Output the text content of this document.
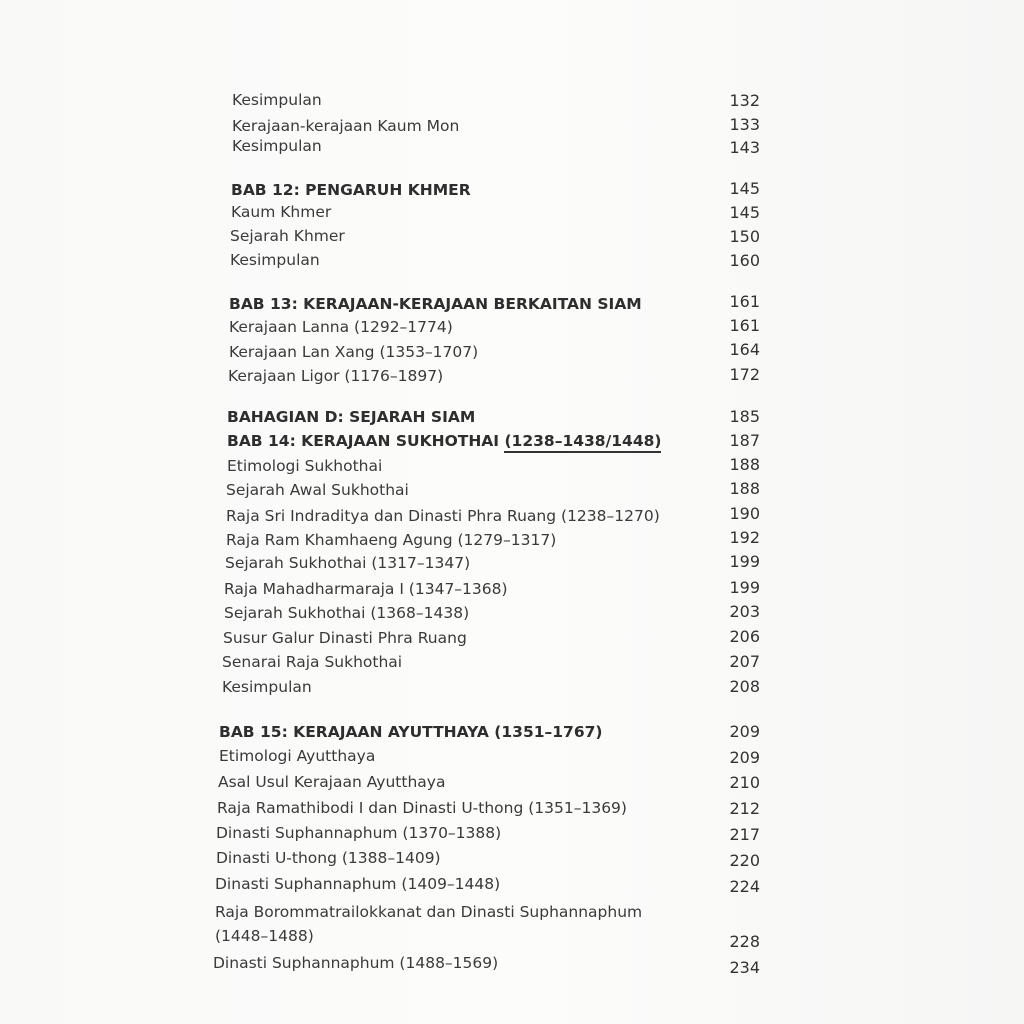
Kesimpulan	132
Kerajaan-kerajaan Kaum Mon	133
Kesimpulan	143
BAB 12: PENGARUH KHMER	145
Kaum Khmer	145
Sejarah Khmer	150
Kesimpulan	160
BAB 13: KERAJAAN-KERAJAAN BERKAITAN SIAM	161
Kerajaan Lanna (1292–1774)	161
Kerajaan Lan Xang (1353–1707)	164
Kerajaan Ligor (1176–1897)	172
BAHAGIAN D: SEJARAH SIAM	185
BAB 14: KERAJAAN SUKHOTHAI (1238–1438/1448)	187
Etimologi Sukhothai	188
Sejarah Awal Sukhothai	188
Raja Sri Indraditya dan Dinasti Phra Ruang (1238–1270)	190
Raja Ram Khamhaeng Agung (1279–1317)	192
Sejarah Sukhothai (1317–1347)	199
Raja Mahadharmaraja I (1347–1368)	199
Sejarah Sukhothai (1368–1438)	203
Susur Galur Dinasti Phra Ruang	206
Senarai Raja Sukhothai	207
Kesimpulan	208
BAB 15: KERAJAAN AYUTTHAYA (1351–1767)	209
Etimologi Ayutthaya	209
Asal Usul Kerajaan Ayutthaya	210
Raja Ramathibodi I dan Dinasti U-thong (1351–1369)	212
Dinasti Suphannaphum (1370–1388)	217
Dinasti U-thong (1388–1409)	220
Dinasti Suphannaphum (1409–1448)	224
Raja Borommatrailokkanat dan Dinasti Suphannaphum
(1448–1488)	228
Dinasti Suphannaphum (1488–1569)	234
